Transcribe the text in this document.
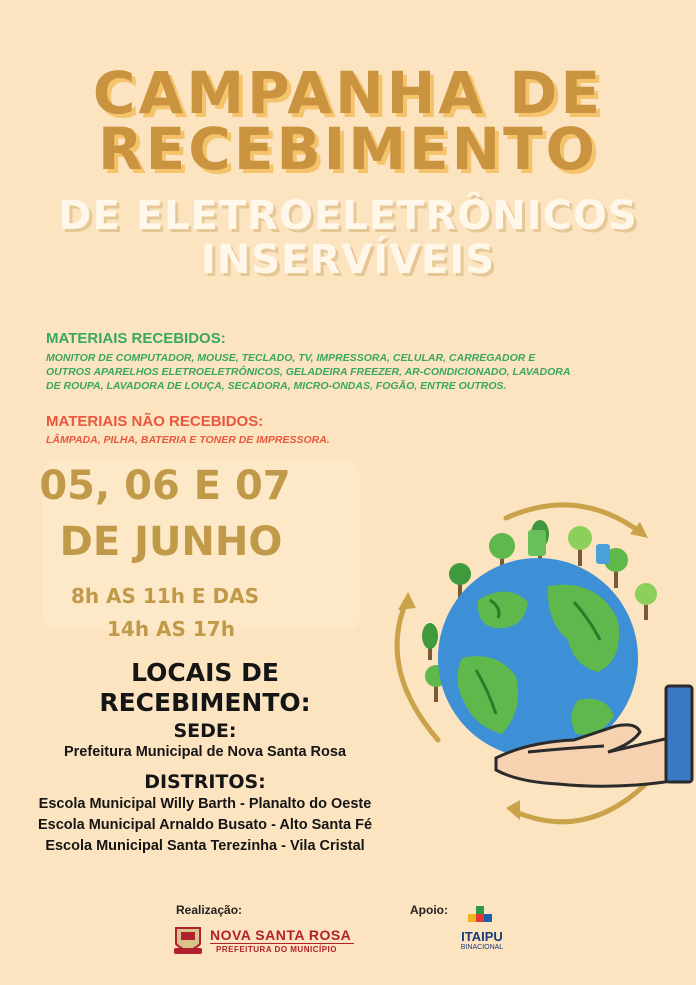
CAMPANHA DE
RECEBIMENTO
DE ELETROELETRÔNICOS
INSERVÍVEIS
MATERIAIS RECEBIDOS:
MONITOR DE COMPUTADOR, MOUSE, TECLADO, TV, IMPRESSORA, CELULAR, CARREGADOR E
OUTROS APARELHOS ELETROELETRÔNICOS, GELADEIRA FREEZER, AR-CONDICIONADO, LAVADORA
DE ROUPA, LAVADORA DE LOUÇA, SECADORA, MICRO-ONDAS, FOGÃO, ENTRE OUTROS.
MATERIAIS NÃO RECEBIDOS:
LÂMPADA, PILHA, BATERIA E TONER DE IMPRESSORA.
05, 06 E 07
DE JUNHO
8h AS 11h E DAS
14h AS 17h
LOCAIS DE
RECEBIMENTO:
SEDE:
Prefeitura Municipal de Nova Santa Rosa
DISTRITOS:
Escola Municipal Willy Barth - Planalto do Oeste
Escola Municipal Arnaldo Busato - Alto Santa Fé
Escola Municipal Santa Terezinha - Vila Cristal
Realização:	Apoio:
NOVA SANTA ROSA
PREFEITURA DO MUNICÍPIO
ITAIPU
BINACIONAL
